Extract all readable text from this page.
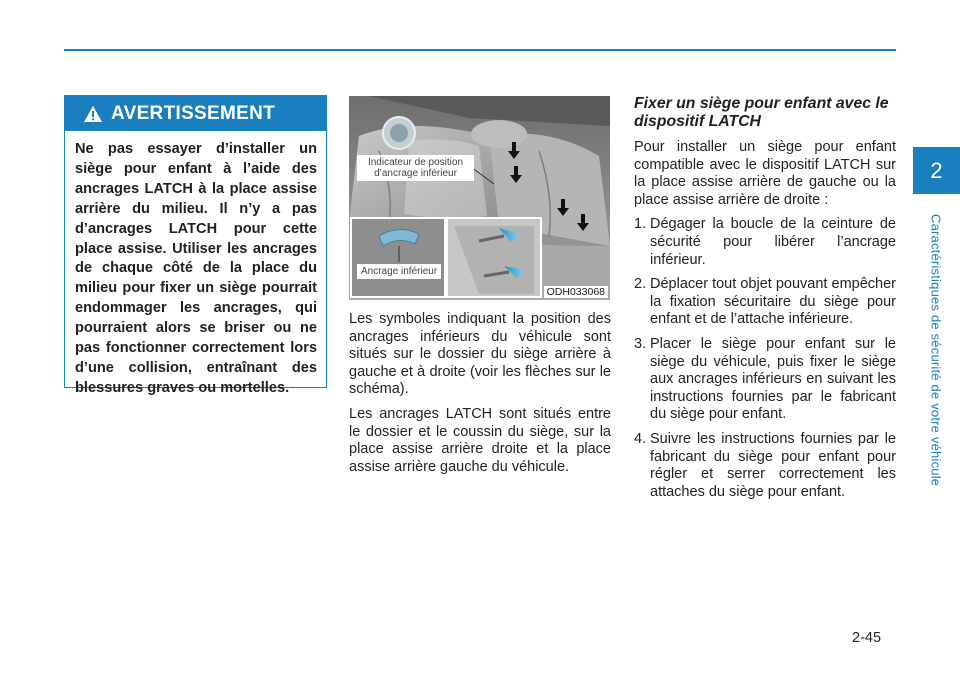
AVERTISSEMENT
Ne pas essayer d’installer un siège pour enfant à l’aide des ancrages LATCH à la place assise arrière du milieu. Il n’y a pas d’ancrages LATCH pour cette place assise. Utiliser les ancrages de chaque côté de la place du milieu pour fixer un siège pourrait endommager les ancrages, qui pourraient alors se briser ou ne pas fonctionner correctement lors d’une collision, entraînant des blessures graves ou mortelles.
Indicateur de position
d’ancrage inférieur
Ancrage inférieur
ODH033068

Les symboles indiquant la position des ancrages inférieurs du véhicule sont situés sur le dossier du siège arrière à gauche et à droite (voir les flèches sur le schéma).

Les ancrages LATCH sont situés entre le dossier et le coussin du siège, sur la place assise arrière droite et la place assise arrière gauche du véhicule.

Fixer un siège pour enfant avec le dispositif LATCH

Pour installer un siège pour enfant compatible avec le dispositif LATCH sur la place assise arrière de gauche ou la place assise arrière de droite :

1. Dégager la boucle de la ceinture de sécurité pour libérer l’ancrage inférieur.
2. Déplacer tout objet pouvant empêcher la fixation sécuritaire du siège pour enfant et de l’attache inférieure.
3. Placer le siège pour enfant sur le siège du véhicule, puis fixer le siège aux ancrages inférieurs en suivant les instructions fournies par le fabricant du siège pour enfant.
4. Suivre les instructions fournies par le fabricant du siège pour enfant pour régler et serrer correctement les attaches du siège pour enfant.
2
Caractéristiques de sécurité de votre véhicule
2-45
